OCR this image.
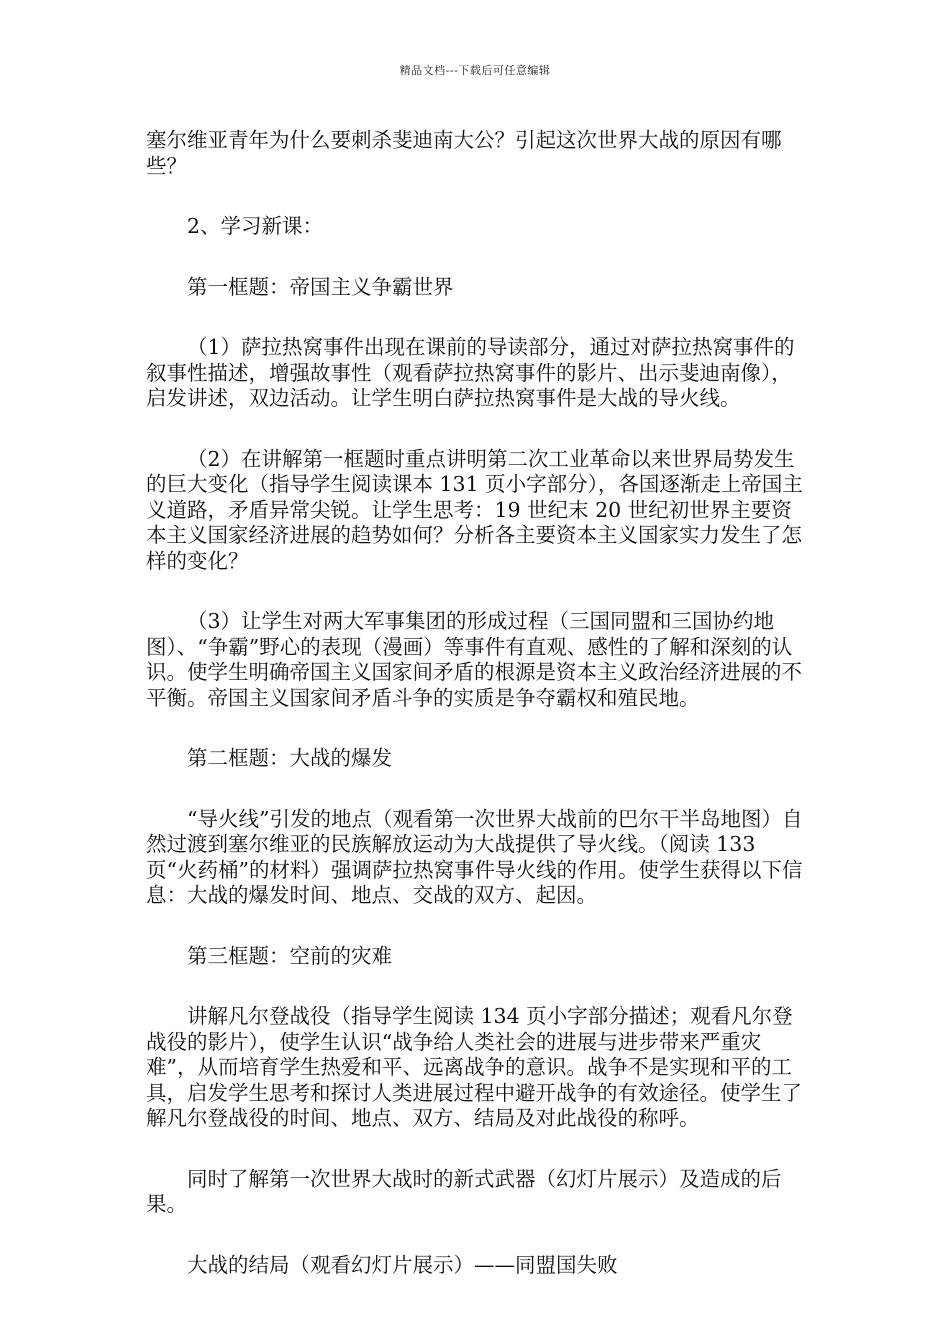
精品文档---下载后可任意编辑

塞尔维亚青年为什么要刺杀斐迪南大公？引起这次世界大战的原因有哪些？

2、学习新课：

第一框题：帝国主义争霸世界

（1）萨拉热窝事件出现在课前的导读部分，通过对萨拉热窝事件的叙事性描述，增强故事性（观看萨拉热窝事件的影片、出示斐迪南像），启发讲述，双边活动。让学生明白萨拉热窝事件是大战的导火线。

（2）在讲解第一框题时重点讲明第二次工业革命以来世界局势发生的巨大变化（指导学生阅读课本 131 页小字部分），各国逐渐走上帝国主义道路，矛盾异常尖锐。让学生思考：19 世纪末 20 世纪初世界主要资本主义国家经济进展的趋势如何？分析各主要资本主义国家实力发生了怎样的变化？

（3）让学生对两大军事集团的形成过程（三国同盟和三国协约地图）、“争霸”野心的表现（漫画）等事件有直观、感性的了解和深刻的认识。使学生明确帝国主义国家间矛盾的根源是资本主义政治经济进展的不平衡。帝国主义国家间矛盾斗争的实质是争夺霸权和殖民地。

第二框题：大战的爆发

“导火线”引发的地点（观看第一次世界大战前的巴尔干半岛地图）自然过渡到塞尔维亚的民族解放运动为大战提供了导火线。（阅读 133 页“火药桶”的材料）强调萨拉热窝事件导火线的作用。使学生获得以下信息：大战的爆发时间、地点、交战的双方、起因。

第三框题：空前的灾难

讲解凡尔登战役（指导学生阅读 134 页小字部分描述；观看凡尔登战役的影片），使学生认识“战争给人类社会的进展与进步带来严重灾难”，从而培育学生热爱和平、远离战争的意识。战争不是实现和平的工具，启发学生思考和探讨人类进展过程中避开战争的有效途径。使学生了解凡尔登战役的时间、地点、双方、结局及对此战役的称呼。

同时了解第一次世界大战时的新式武器（幻灯片展示）及造成的后果。

大战的结局（观看幻灯片展示）——同盟国失败
